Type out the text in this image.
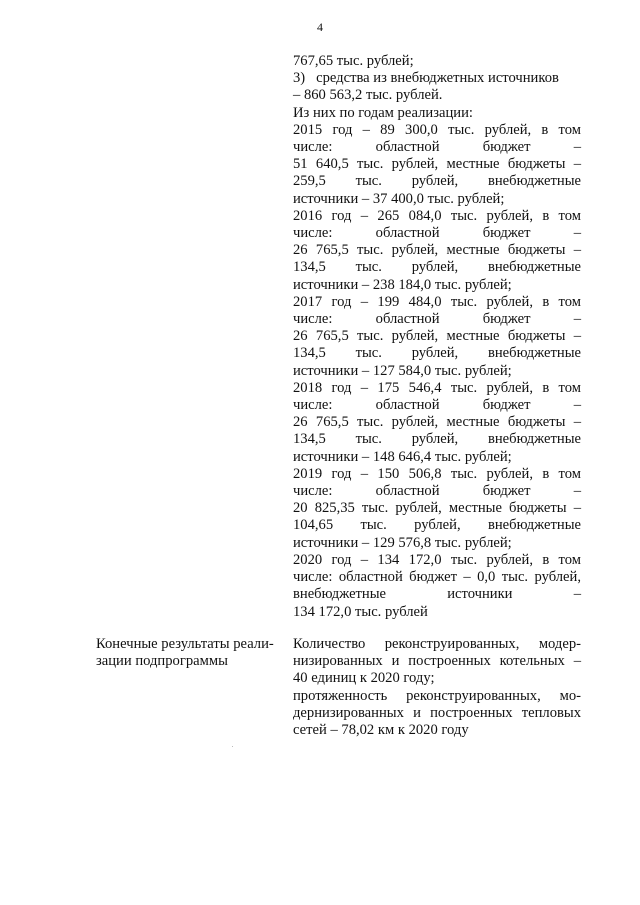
4
767,65 тыс. рублей;
3) средства из внебюджетных источников
– 860 563,2 тыс. рублей.
Из них по годам реализации:
2015 год – 89 300,0 тыс. рублей, в том
числе: областной бюджет –
51 640,5 тыс. рублей, местные бюджеты –
259,5 тыс. рублей, внебюджетные
источники – 37 400,0 тыс. рублей;
2016 год – 265 084,0 тыс. рублей, в том
числе: областной бюджет –
26 765,5 тыс. рублей, местные бюджеты –
134,5 тыс. рублей, внебюджетные
источники – 238 184,0 тыс. рублей;
2017 год – 199 484,0 тыс. рублей, в том
числе: областной бюджет –
26 765,5 тыс. рублей, местные бюджеты –
134,5 тыс. рублей, внебюджетные
источники – 127 584,0 тыс. рублей;
2018 год – 175 546,4 тыс. рублей, в том
числе: областной бюджет –
26 765,5 тыс. рублей, местные бюджеты –
134,5 тыс. рублей, внебюджетные
источники – 148 646,4 тыс. рублей;
2019 год – 150 506,8 тыс. рублей, в том
числе: областной бюджет –
20 825,35 тыс. рублей, местные бюджеты –
104,65 тыс. рублей, внебюджетные
источники – 129 576,8 тыс. рублей;
2020 год – 134 172,0 тыс. рублей, в том
числе: областной бюджет – 0,0 тыс. рублей,
внебюджетные источники –
134 172,0 тыс. рублей
Конечные результаты реали-
зации подпрограммы
Количество реконструированных, модер-
низированных и построенных котельных –
40 единиц к 2020 году;
протяженность реконструированных, мо-
дернизированных и построенных тепловых
сетей – 78,02 км к 2020 году
